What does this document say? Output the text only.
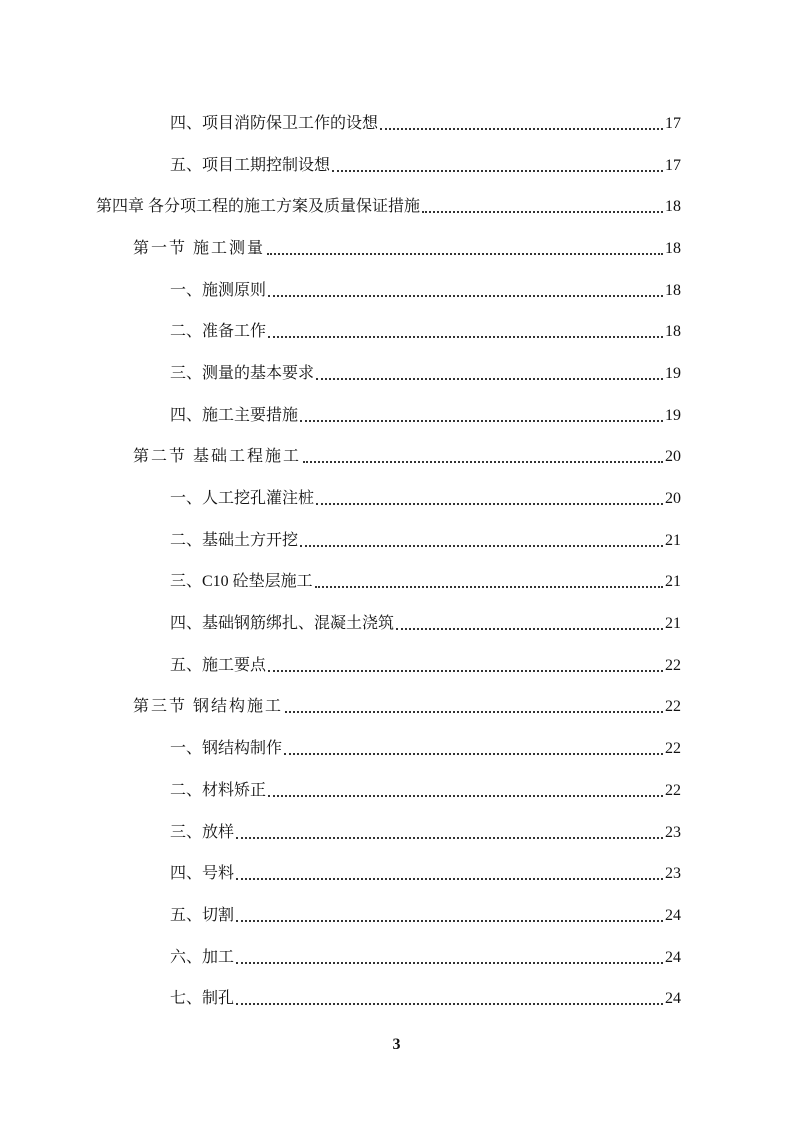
四、项目消防保卫工作的设想	17
五、项目工期控制设想	17
第四章 各分项工程的施工方案及质量保证措施	18
第一节 施工测量	18
一、施测原则	18
二、准备工作	18
三、测量的基本要求	19
四、施工主要措施	19
第二节 基础工程施工	20
一、人工挖孔灌注桩	20
二、基础土方开挖	21
三、C10 砼垫层施工	21
四、基础钢筋绑扎、混凝土浇筑	21
五、施工要点	22
第三节 钢结构施工	22
一、钢结构制作	22
二、材料矫正	22
三、放样	23
四、号料	23
五、切割	24
六、加工	24
七、制孔	24
3
